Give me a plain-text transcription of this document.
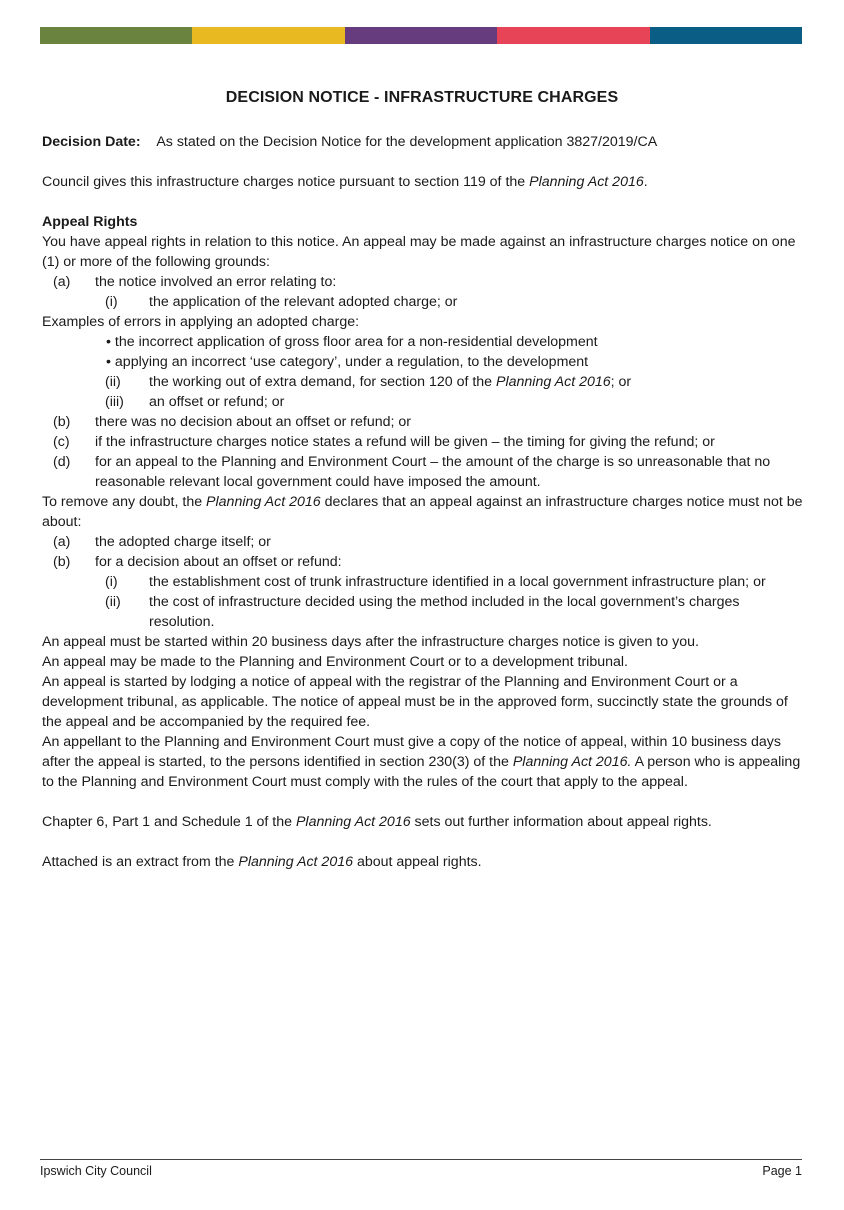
DECISION NOTICE - INFRASTRUCTURE CHARGES

Decision Date: As stated on the Decision Notice for the development application 3827/2019/CA

Council gives this infrastructure charges notice pursuant to section 119 of the Planning Act 2016.

Appeal Rights

You have appeal rights in relation to this notice. An appeal may be made against an infrastructure charges notice on one (1) or more of the following grounds:

(a)	the notice involved an error relating to:
(i)	the application of the relevant adopted charge; or

Examples of errors in applying an adopted charge:

• the incorrect application of gross floor area for a non-residential development

• applying an incorrect ‘use category’, under a regulation, to the development

(ii)	the working out of extra demand, for section 120 of the Planning Act 2016; or
(iii)	an offset or refund; or
(b)	there was no decision about an offset or refund; or
(c)	if the infrastructure charges notice states a refund will be given – the timing for giving the refund; or
(d)	for an appeal to the Planning and Environment Court – the amount of the charge is so unreasonable that no reasonable relevant local government could have imposed the amount.

To remove any doubt, the Planning Act 2016 declares that an appeal against an infrastructure charges notice must not be about:

(a)	the adopted charge itself; or
(b)	for a decision about an offset or refund:
(i)	the establishment cost of trunk infrastructure identified in a local government infrastructure plan; or
(ii)	the cost of infrastructure decided using the method included in the local government’s charges resolution.

An appeal must be started within 20 business days after the infrastructure charges notice is given to you.

An appeal may be made to the Planning and Environment Court or to a development tribunal.

An appeal is started by lodging a notice of appeal with the registrar of the Planning and Environment Court or a development tribunal, as applicable. The notice of appeal must be in the approved form, succinctly state the grounds of the appeal and be accompanied by the required fee.

An appellant to the Planning and Environment Court must give a copy of the notice of appeal, within 10 business days after the appeal is started, to the persons identified in section 230(3) of the Planning Act 2016. A person who is appealing to the Planning and Environment Court must comply with the rules of the court that apply to the appeal.

Chapter 6, Part 1 and Schedule 1 of the Planning Act 2016 sets out further information about appeal rights.

Attached is an extract from the Planning Act 2016 about appeal rights.

Ipswich City Council	Page 1
